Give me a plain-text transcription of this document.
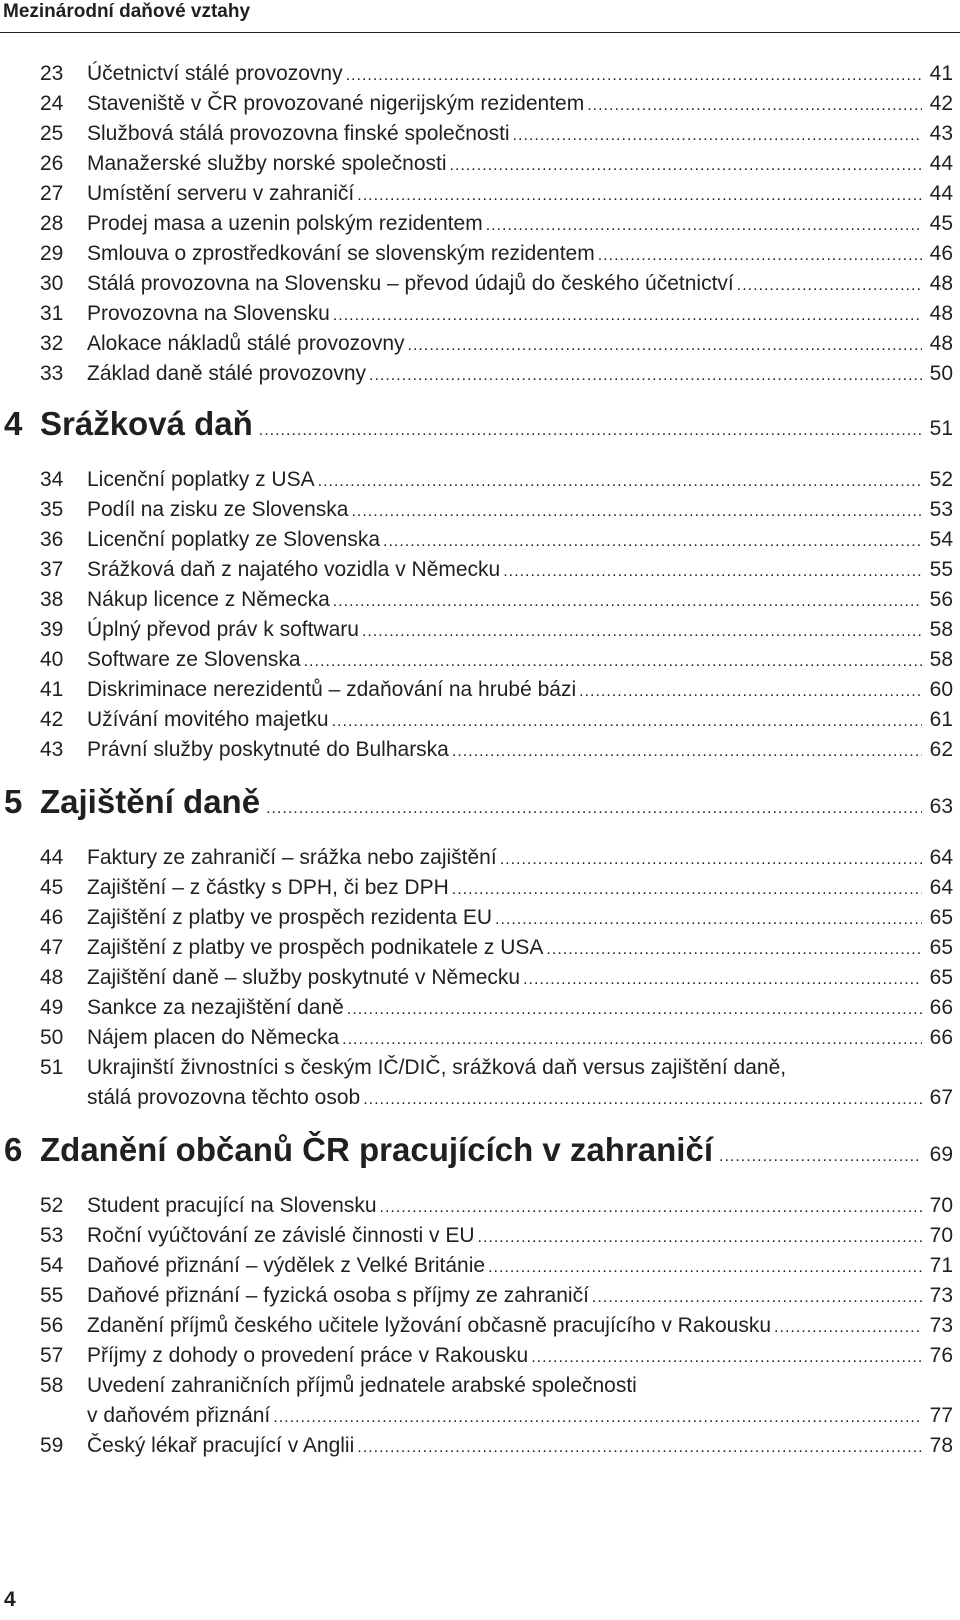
Mezinárodní daňové vztahy
23	Účetnictví stálé provozovny .....	41
24	Staveniště v ČR provozované nigerijským rezidentem .....	42
25	Službová stálá provozovna finské společnosti .....	43
26	Manažerské služby norské společnosti .....	44
27	Umístění serveru v zahraničí .....	44
28	Prodej masa a uzenin polským rezidentem .....	45
29	Smlouva o zprostředkování se slovenským rezidentem .....	46
30	Stálá provozovna na Slovensku – převod údajů do českého účetnictví .....	48
31	Provozovna na Slovensku .....	48
32	Alokace nákladů stálé provozovny .....	48
33	Základ daně stálé provozovny .....	50
4 Srážková daň .....	51
34	Licenční poplatky z USA .....	52
35	Podíl na zisku ze Slovenska .....	53
36	Licenční poplatky ze Slovenska .....	54
37	Srážková daň z najatého vozidla v Německu .....	55
38	Nákup licence z Německa .....	56
39	Úplný převod práv k softwaru .....	58
40	Software ze Slovenska .....	58
41	Diskriminace nerezidentů – zdaňování na hrubé bázi .....	60
42	Užívání movitého majetku .....	61
43	Právní služby poskytnuté do Bulharska .....	62
5 Zajištění daně .....	63
44	Faktury ze zahraničí – srážka nebo zajištění .....	64
45	Zajištění – z částky s DPH, či bez DPH .....	64
46	Zajištění z platby ve prospěch rezidenta EU .....	65
47	Zajištění z platby ve prospěch podnikatele z USA .....	65
48	Zajištění daně – služby poskytnuté v Německu .....	65
49	Sankce za nezajištění daně .....	66
50	Nájem placen do Německa .....	66
51	Ukrajinští živnostníci s českým IČ/DIČ, srážková daň versus zajištění daně,
stálá provozovna těchto osob .....	67
6 Zdanění občanů ČR pracujících v zahraničí .....	69
52	Student pracující na Slovensku .....	70
53	Roční vyúčtování ze závislé činnosti v EU .....	70
54	Daňové přiznání – výdělek z Velké Británie .....	71
55	Daňové přiznání – fyzická osoba s příjmy ze zahraničí .....	73
56	Zdanění příjmů českého učitele lyžování občasně pracujícího v Rakousku .....	73
57	Příjmy z dohody o provedení práce v Rakousku .....	76
58	Uvedení zahraničních příjmů jednatele arabské společnosti
v daňovém přiznání .....	77
59	Český lékař pracující v Anglii .....	78
4
